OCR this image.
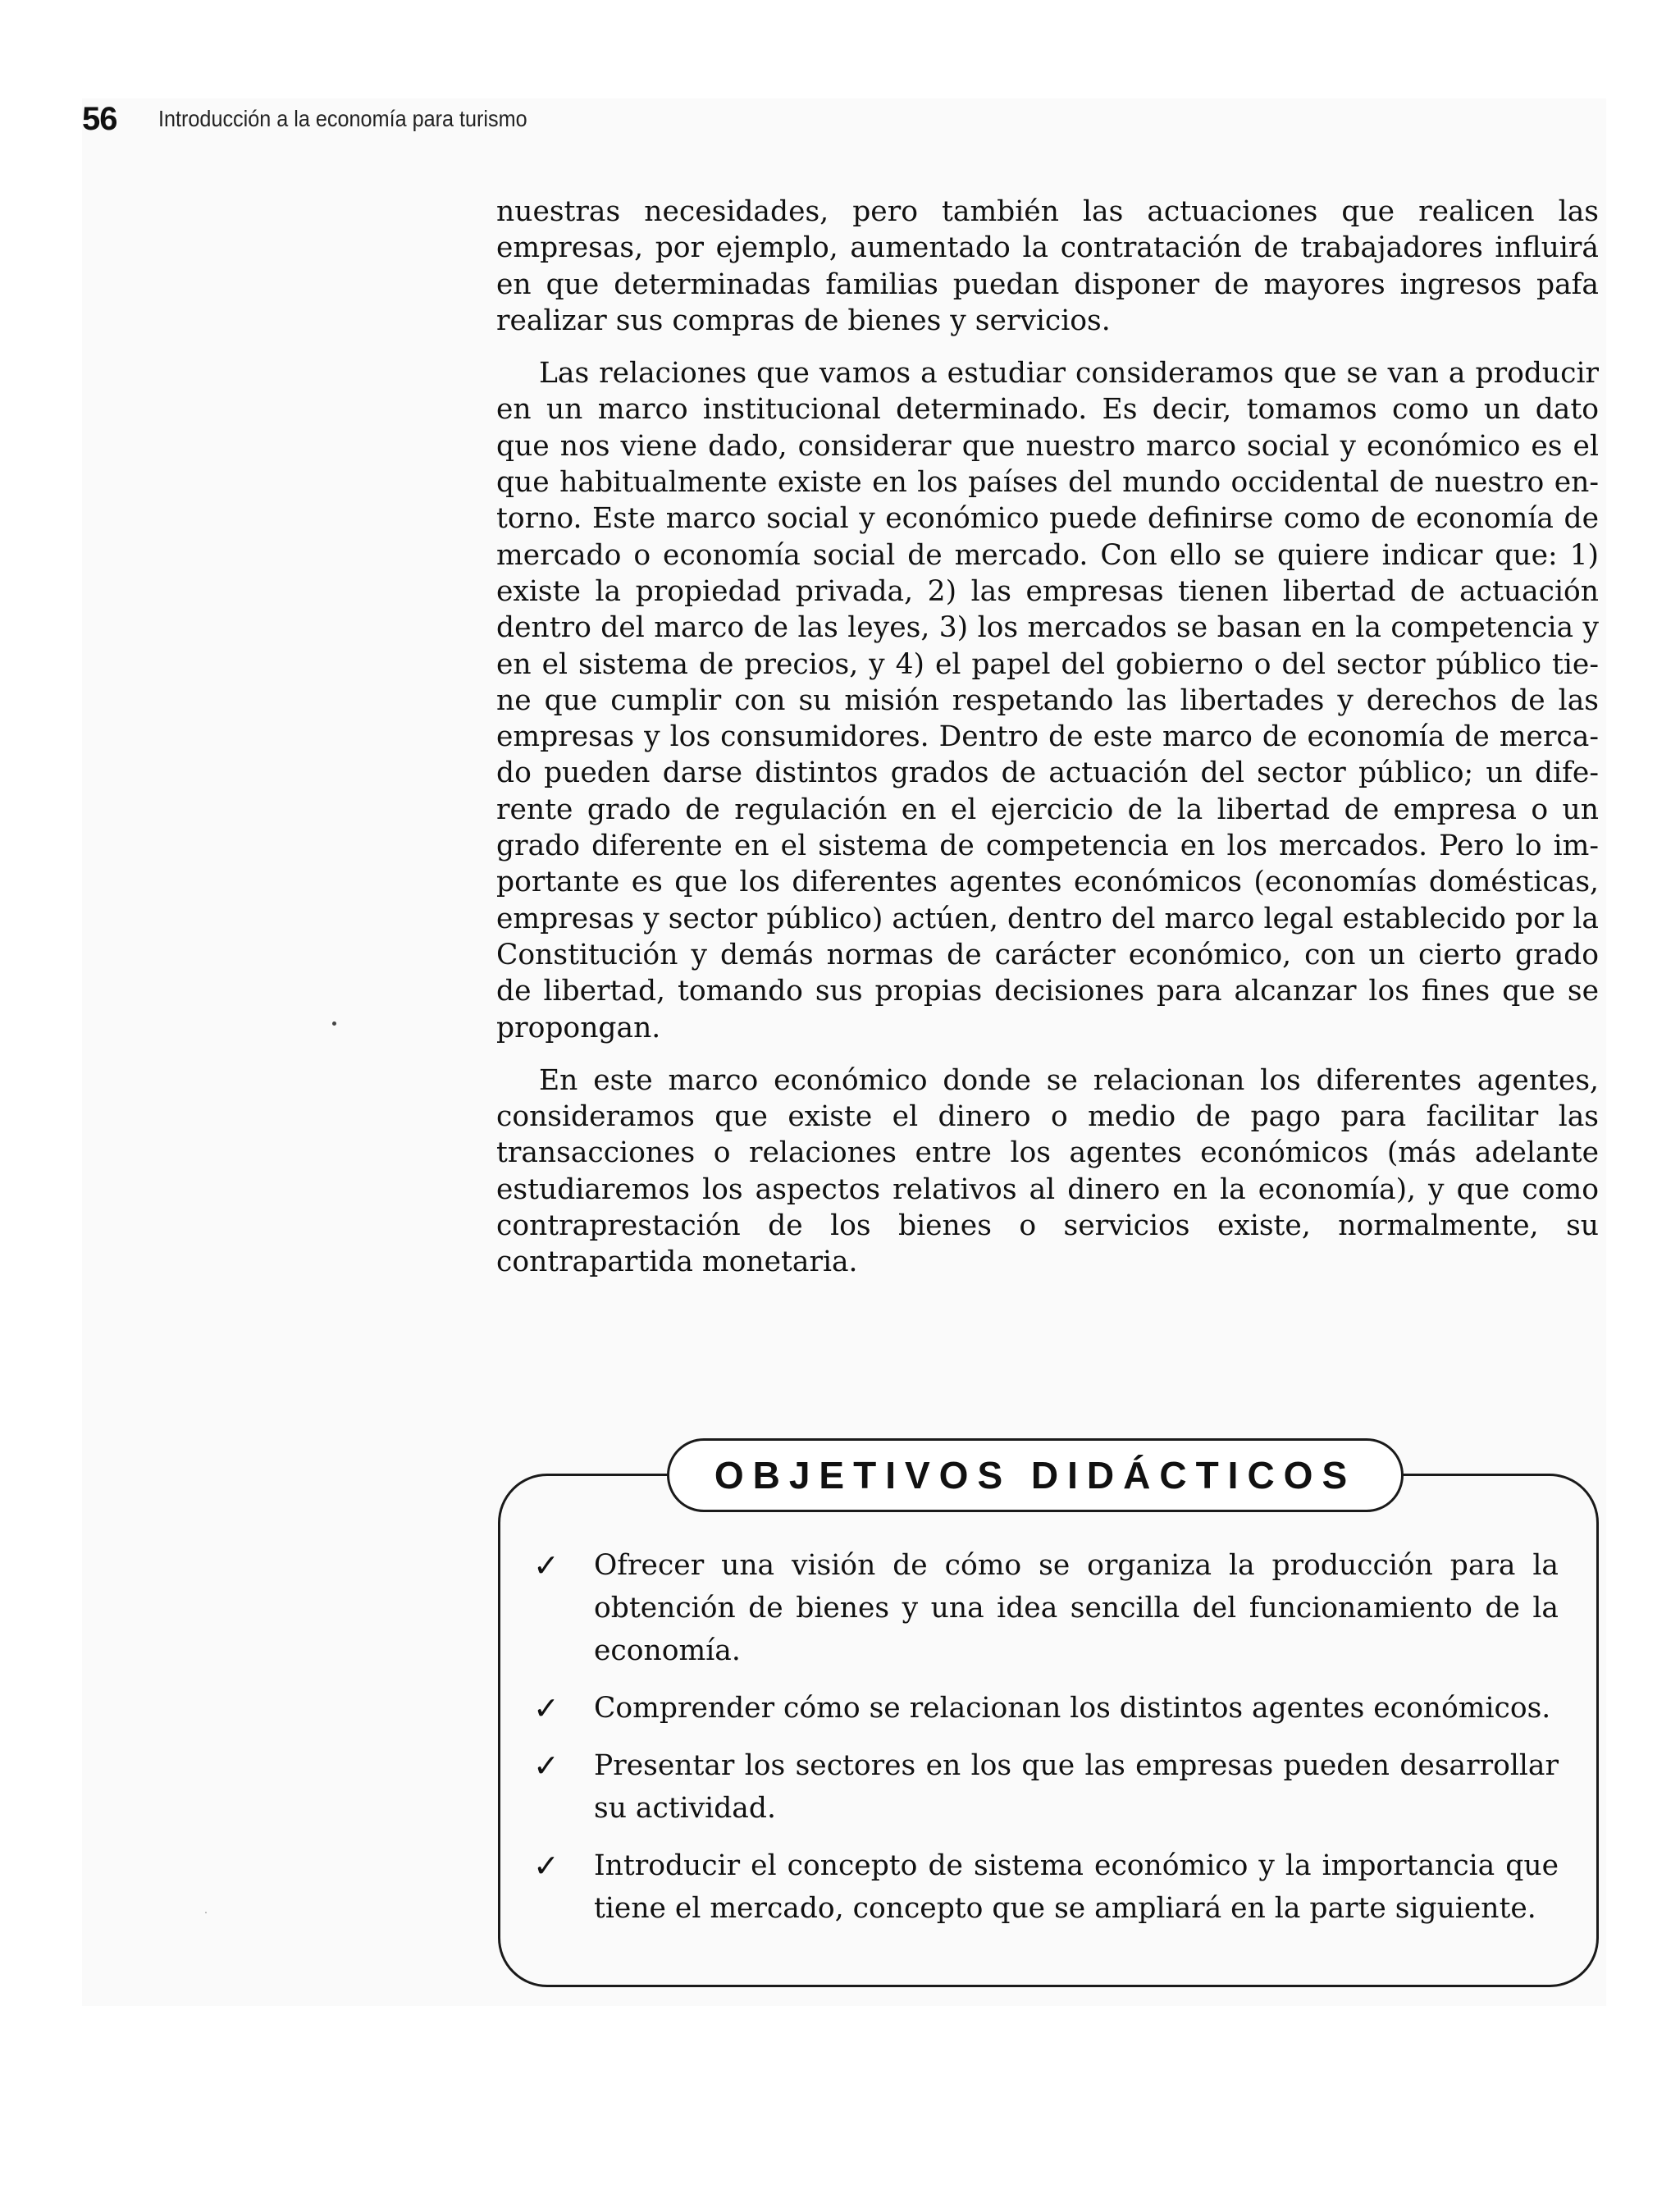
56 Introducción a la economía para turismo

nuestras necesidades, pero también las actuaciones que realicen las empresas, por ejemplo, aumentado la contratación de trabajadores influirá en que determinadas familias puedan disponer de mayores ingresos pafa realizar sus compras de bienes y servicios.

Las relaciones que vamos a estudiar consideramos que se van a producir en un marco institucional determinado. Es decir, tomamos como un dato que nos viene dado, considerar que nuestro marco social y económico es el que habitualmente existe en los países del mundo occidental de nuestro entorno. Este marco social y económico puede definirse como de economía de mercado o economía social de mercado. Con ello se quiere indicar que: 1) existe la propiedad privada, 2) las empresas tienen libertad de actuación dentro del marco de las leyes, 3) los mercados se basan en la competencia y en el sistema de precios, y 4) el papel del gobierno o del sector público tiene que cumplir con su misión respetando las libertades y derechos de las empresas y los consumidores. Dentro de este marco de economía de mercado pueden darse distintos grados de actuación del sector público; un diferente grado de regulación en el ejercicio de la libertad de empresa o un grado diferente en el sistema de competencia en los mercados. Pero lo importante es que los diferentes agentes económicos (economías domésticas, empresas y sector público) actúen, dentro del marco legal establecido por la Constitución y demás normas de carácter económico, con un cierto grado de libertad, tomando sus propias decisiones para alcanzar los fines que se propongan.

En este marco económico donde se relacionan los diferentes agentes, consideramos que existe el dinero o medio de pago para facilitar las transacciones o relaciones entre los agentes económicos (más adelante estudiaremos los aspectos relativos al dinero en la economía), y que como contraprestación de los bienes o servicios existe, normalmente, su contrapartida monetaria.

OBJETIVOS DIDÁCTICOS
✓	Ofrecer una visión de cómo se organiza la producción para la obtención de bienes y una idea sencilla del funcionamiento de la economía.
✓	Comprender cómo se relacionan los distintos agentes económicos.
✓	Presentar los sectores en los que las empresas pueden desarrollar su actividad.
✓	Introducir el concepto de sistema económico y la importancia que tiene el mercado, concepto que se ampliará en la parte siguiente.
